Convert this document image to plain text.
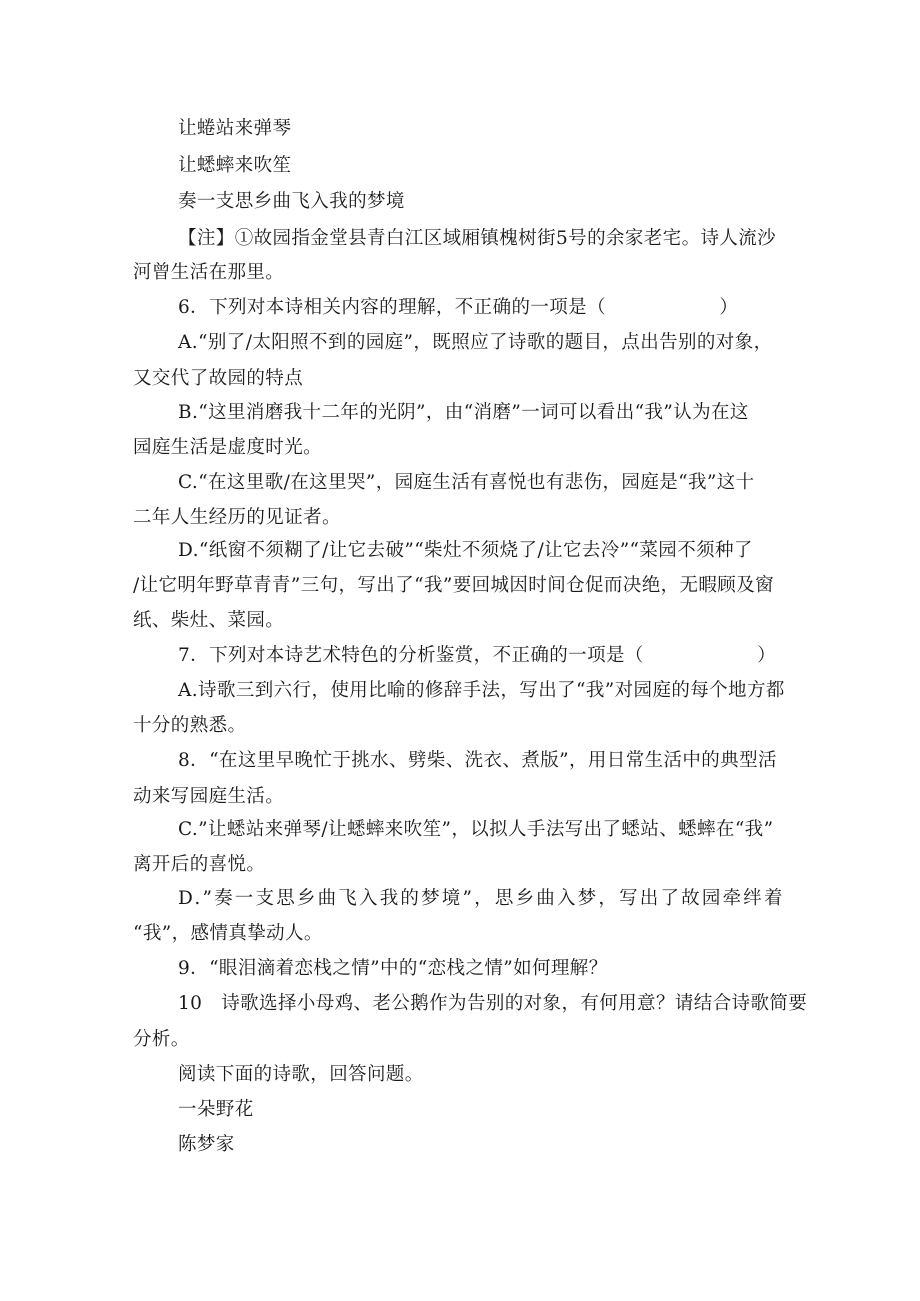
让蜷站来弹琴
让蟋蟀来吹笙
奏一支思乡曲飞入我的梦境
【注】①故园指金堂县青白江区域厢镇槐树街5号的余家老宅。诗人流沙
河曾生活在那里。
6．下列对本诗相关内容的理解，不正确的一项是（　　　　　　）
A.“别了/太阳照不到的园庭”，既照应了诗歌的题目，点出告别的对象，
又交代了故园的特点
B.“这里消磨我十二年的光阴”，由“消磨”一词可以看出“我”认为在这
园庭生活是虚度时光。
C.“在这里歌/在这里哭”，园庭生活有喜悦也有悲伤，园庭是“我”这十
二年人生经历的见证者。
D.“纸窗不须糊了/让它去破”“柴灶不须烧了/让它去冷”“菜园不须种了
/让它明年野草青青”三句，写出了“我”要回城因时间仓促而决绝，无暇顾及窗
纸、柴灶、菜园。
7．下列对本诗艺术特色的分析鉴赏，不正确的一项是（　　　　　　）
A.诗歌三到六行，使用比喻的修辞手法，写出了“我”对园庭的每个地方都
十分的熟悉。
8．“在这里早晚忙于挑水、劈柴、洗衣、煮版”，用日常生活中的典型活
动来写园庭生活。
C.”让蟋站来弹琴/让蟋蟀来吹笙”，以拟人手法写出了蟋站、蟋蟀在“我”
离开后的喜悦。
D.”奏一支思乡曲飞入我的梦境”，思乡曲入梦，写出了故园牵绊着
“我”，感情真挚动人。
9．“眼泪滴着恋栈之情”中的“恋栈之情”如何理解？
10　诗歌选择小母鸡、老公鹅作为告别的对象，有何用意？请结合诗歌简要
分析。
阅读下面的诗歌，回答问题。
一朵野花
陈梦家
